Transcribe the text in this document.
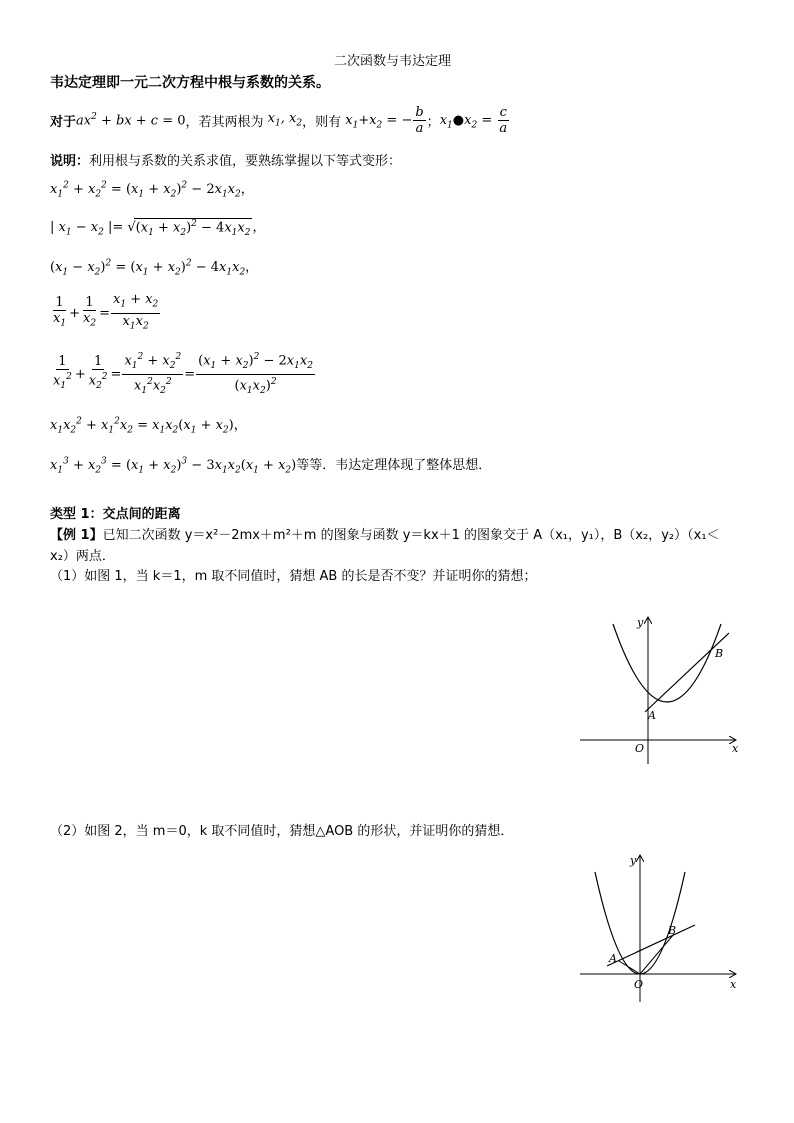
二次函数与韦达定理
韦达定理即一元二次方程中根与系数的关系。
对于 $ax^2$ + bx + c = 0 ，若其两根为 $x_1$, $x_2$ ，则有 $x_1+x_2$ = − $\frac{b}{a}$ ； $x_1●x_2 = \frac{c}{a}$
说明：利用根与系数的关系求值，要熟练掌握以下等式变形：
$x_1^2 + x_2^2 = (x_1 + x_2)^2 - 2x_1x_2$，
| $x_1 - x_2$ |= $√(x_1 + x_2)^2 - 4x_1x_2$ ，
$(x_1 - x_2)^2 = (x_1 + x_2)^2 - 4x_1x_2$，
$\frac{1}{x_1} + \frac{1}{x_2} = \frac{x_1 + x_2}{x_1x_2}$
$\frac{1}{x_1^2} + \frac{1}{x_2^2} = \frac{x_1^2 + x_2^2}{x_1^2x_2^2} = \frac{(x_1 + x_2)^2 - 2x_1x_2}{(x_1x_2)^2}$
$x_1x_2^2 + x_1^2x_2 = x_1x_2(x_1 + x_2)$，
$x_1^3 + x_2^3 = (x_1 + x_2)^3 - 3x_1x_2(x_1 + x_2)$等等．韦达定理体现了整体思想．
类型 1：交点间的距离
【例 1】已知二次函数 y＝x²－2mx＋m²＋m 的图象与函数 y＝kx＋1 的图象交于 A（x₁，y₁），B（x₂，y₂）（x₁＜
x₂）两点．
（1）如图 1，当 k＝1，m 取不同值时，猜想 AB 的长是否不变？并证明你的猜想；
y
x
O
A
B
（2）如图 2，当 m＝0，k 取不同值时，猜想△AOB 的形状，并证明你的猜想．
y
x
O
A
B
